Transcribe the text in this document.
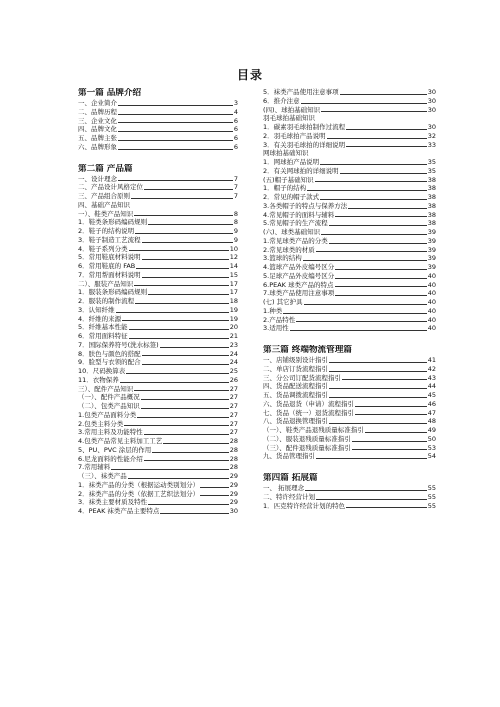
目录
第一篇 品牌介绍
一、企业简介	3
二、品牌历程	4
三、企业文化	6
四、品牌文化	6
五、品牌主张	6
六、品牌形象	6
第二篇 产品篇
一、设计理念	7
二、产品设计风格定位	7
三、产品组合原则	7
四、基础产品知识
一）、鞋类产品知识	8
1．鞋类条形码编码规则	8
2．鞋子的结构说明	9
3．鞋子制造工艺流程	9
4．鞋子系列分类	10
5．常用鞋底材料说明	12
6．常用鞋底的 FAB	14
7．常用帮面材料说明	15
二）、服装产品知识	17
1．服装条形码编码规则	17
2．服装的制作流程	18
3．认知纤维	19
4．纤维的来源	19
5．纤维基本性能	20
6．常用面料特征	21
7．国际保养符号(洗水标签)	23
8．肤色与颜色的搭配	24
9．脸型与衣领的配合	24
10．尺码换算表	25
11．衣物保养	26
三）、配件产品知识	27
（一）、配件产品概况	27
（二）、包类产品知识	27
1.包类产品面料分类	27
2.包类主料分类	27
3.常用主料及功能特性	27
4.包类产品常见主料加工工艺	28
5、PU、PVC 涂层的作用	28
6.尼龙面料的性能介绍	28
7.常用辅料	28
（三）、袜类产品	29
1．袜类产品的分类（根据运动类别划分）	29
2．袜类产品的分类（依据工艺织法划分）	29
3．袜类主要材质及特性	29
4．PEAK 袜类产品主要特点	30
5．袜类产品使用注意事项	30
6．推介注意	30
(四)、球拍基础知识	30
羽毛球拍基础知识
1．碳素羽毛球拍制作过流程	30
2．羽毛球拍产品说明	32
3．有关羽毛球拍的详细说明	33
网球拍基础知识
1．网球拍产品说明	35
2．有关网球拍的详细说明	35
(五)帽子基础知识	38
1．帽子的结构	38
2．常见的帽子款式	38
3.各类帽子的特点与保养方法	38
4.常见帽子的面料与辅料	38
5.常见帽子的生产流程	38
(六)、球类基础知识	39
1.常见球类产品的分类	39
2.常见球类的材质	39
3.篮球的结构	39
4.篮球产品外皮编号区分	39
5.足球产品外皮编号区分	40
6.PEAK 球类产品的特点	40
7.球类产品使用注意事项	40
(七) 其它护具	40
1.种类	40
2.产品特性	40
3.适用性	40
第三篇 终端物流管理篇
一、店铺级别设计指引	41
二、单店订货流程指引	42
三、分公司订配货流程指引	43
四、货品配送流程指引	44
五、货品调拨流程指引	45
六、货品退货（申请）流程指引	46
七、货品（统一）退货流程指引	47
八、货品退换管理指引	48
（一）、鞋类产品退残质量标准指引	49
（二）、服装退残质量标准指引	50
（三）、配件退残质量标准指引	53
九、货品管理指引	54
第四篇 拓展篇
一、 拓展理念	55
二、特许经营计划	55
1．匹克特许经营计划的特色	55
